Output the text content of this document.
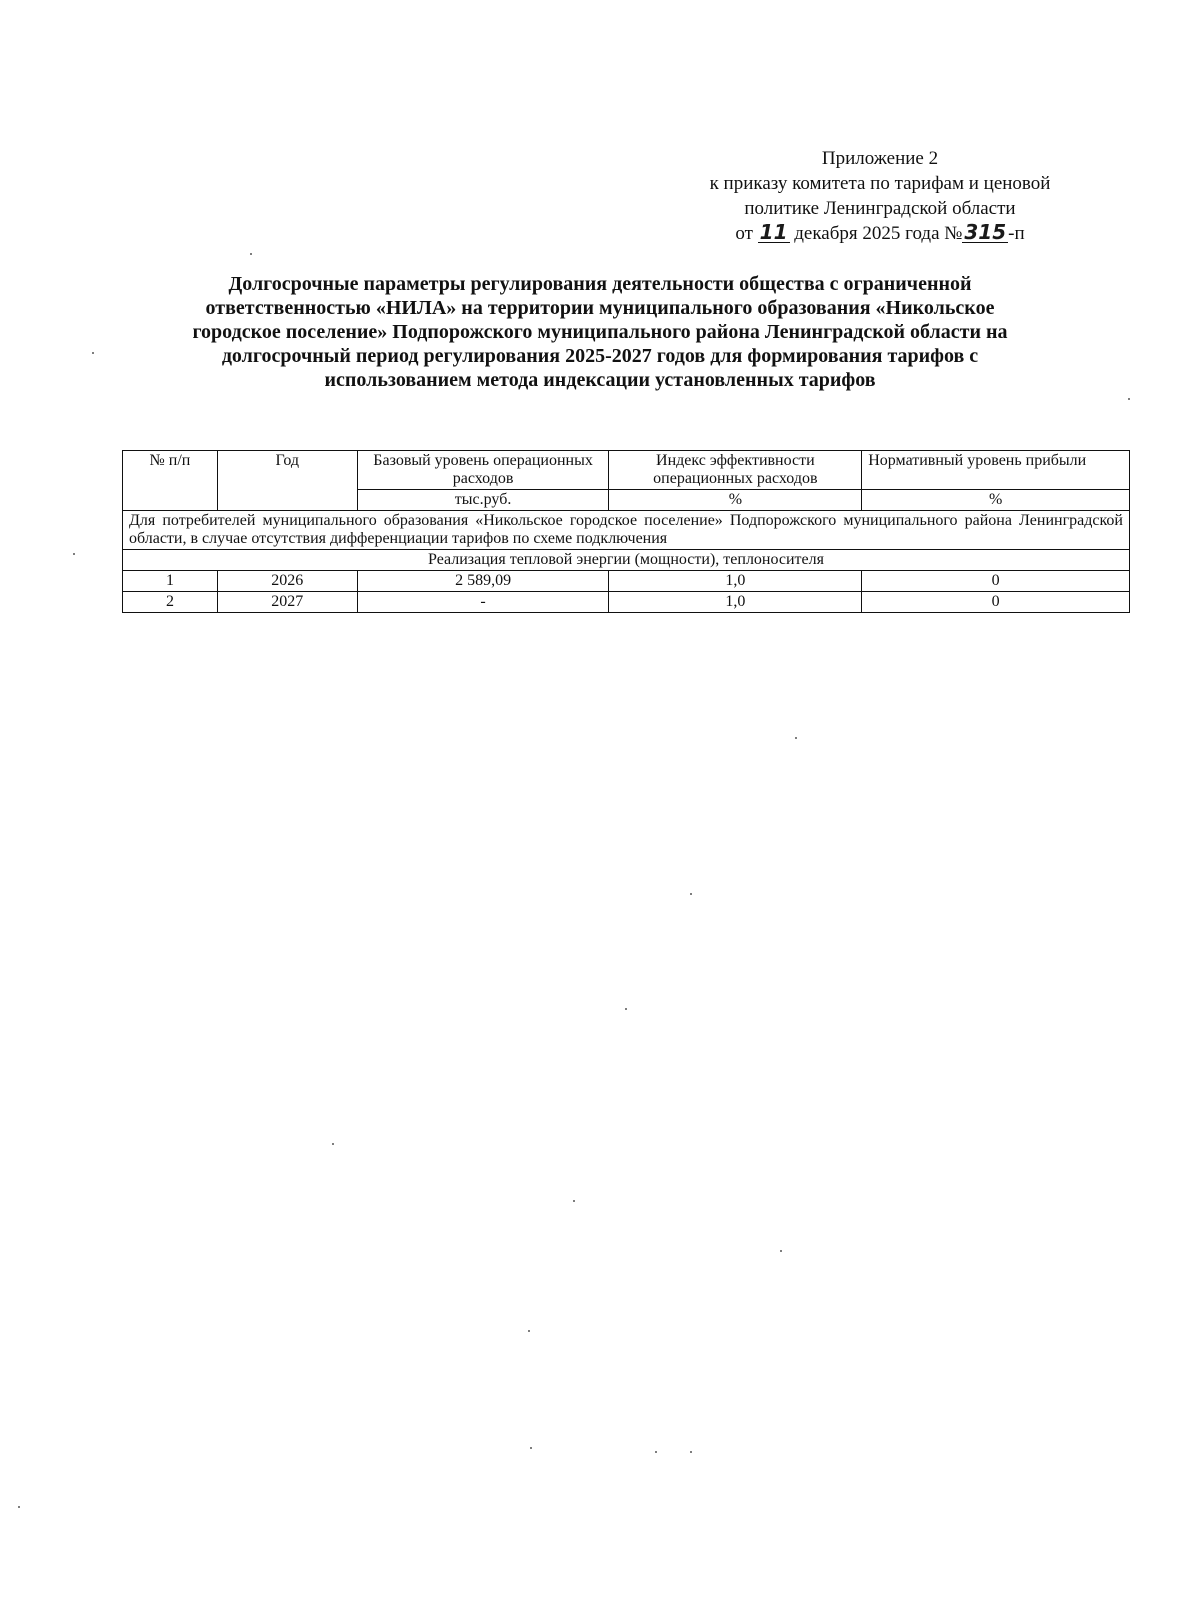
Приложение 2
к приказу комитета по тарифам и ценовой
политике Ленинградской области
от 11 декабря 2025 года № 315 -п
Долгосрочные параметры регулирования деятельности общества с ограниченной
ответственностью «НИЛА» на территории муниципального образования «Никольское
городское поселение» Подпорожского муниципального района Ленинградской области на
долгосрочный период регулирования 2025-2027 годов для формирования тарифов с
использованием метода индексации установленных тарифов
№ п/п	Год	Базовый уровень операционных расходов	Индекс эффективности операционных расходов	Нормативный уровень прибыли
		тыс.руб.	%	%
Для потребителей муниципального образования «Никольское городское поселение» Подпорожского муниципального района Ленинградской области, в случае отсутствия дифференциации тарифов по схеме подключения				
Реализация тепловой энергии (мощности), теплоносителя				
1	2026	2 589,09	1,0	0
2	2027	-	1,0	0
